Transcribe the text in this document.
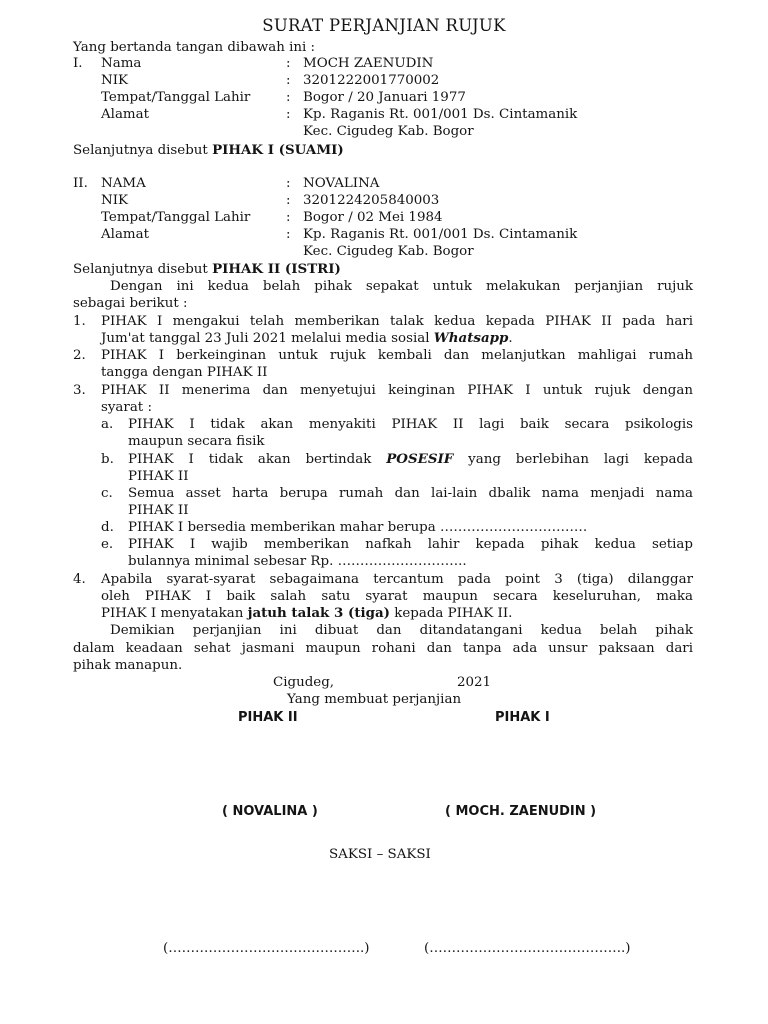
SURAT PERJANJIAN RUJUK
Yang bertanda tangan dibawah ini :
I. Nama	: MOCH ZAENUDIN
NIK	: 3201222001770002
Tempat/Tanggal Lahir	: Bogor / 20 Januari 1977
Alamat	: Kp. Raganis Rt. 001/001 Ds. Cintamanik
Kec. Cigudeg Kab. Bogor
Selanjutnya disebut PIHAK I (SUAMI)
II. NAMA	: NOVALINA
NIK	: 3201224205840003
Tempat/Tanggal Lahir	: Bogor / 02 Mei 1984
Alamat	: Kp. Raganis Rt. 001/001 Ds. Cintamanik
Kec. Cigudeg Kab. Bogor
Selanjutnya disebut PIHAK II (ISTRI)
Dengan ini kedua belah pihak sepakat untuk melakukan perjanjian rujuk
sebagai berikut :
1. PIHAK I mengakui telah memberikan talak kedua kepada PIHAK II pada hari
Jum'at tanggal 23 Juli 2021 melalui media sosial Whatsapp.
2. PIHAK I berkeinginan untuk rujuk kembali dan melanjutkan mahligai rumah
tangga dengan PIHAK II
3. PIHAK II menerima dan menyetujui keinginan PIHAK I untuk rujuk dengan
syarat :
a. PIHAK I tidak akan menyakiti PIHAK II lagi baik secara psikologis
maupun secara fisik
b. PIHAK I tidak akan bertindak POSESIF yang berlebihan lagi kepada
PIHAK II
c. Semua asset harta berupa rumah dan lai-lain dbalik nama menjadi nama
PIHAK II
d. PIHAK I bersedia memberikan mahar berupa ……………………………
e. PIHAK I wajib memberikan nafkah lahir kepada pihak kedua setiap
bulannya minimal sebesar Rp. ………………………..
4. Apabila syarat-syarat sebagaimana tercantum pada point 3 (tiga) dilanggar
oleh PIHAK I baik salah satu syarat maupun secara keseluruhan, maka
PIHAK I menyatakan jatuh talak 3 (tiga) kepada PIHAK II.
Demikian perjanjian ini dibuat dan ditandatangani kedua belah pihak
dalam keadaan sehat jasmani maupun rohani dan tanpa ada unsur paksaan dari
pihak manapun.
Cigudeg,	2021
Yang membuat perjanjian
PIHAK II	PIHAK I
( NOVALINA )	( MOCH. ZAENUDIN )
SAKSI – SAKSI
(……………………………………..)	(……………………………………..)
